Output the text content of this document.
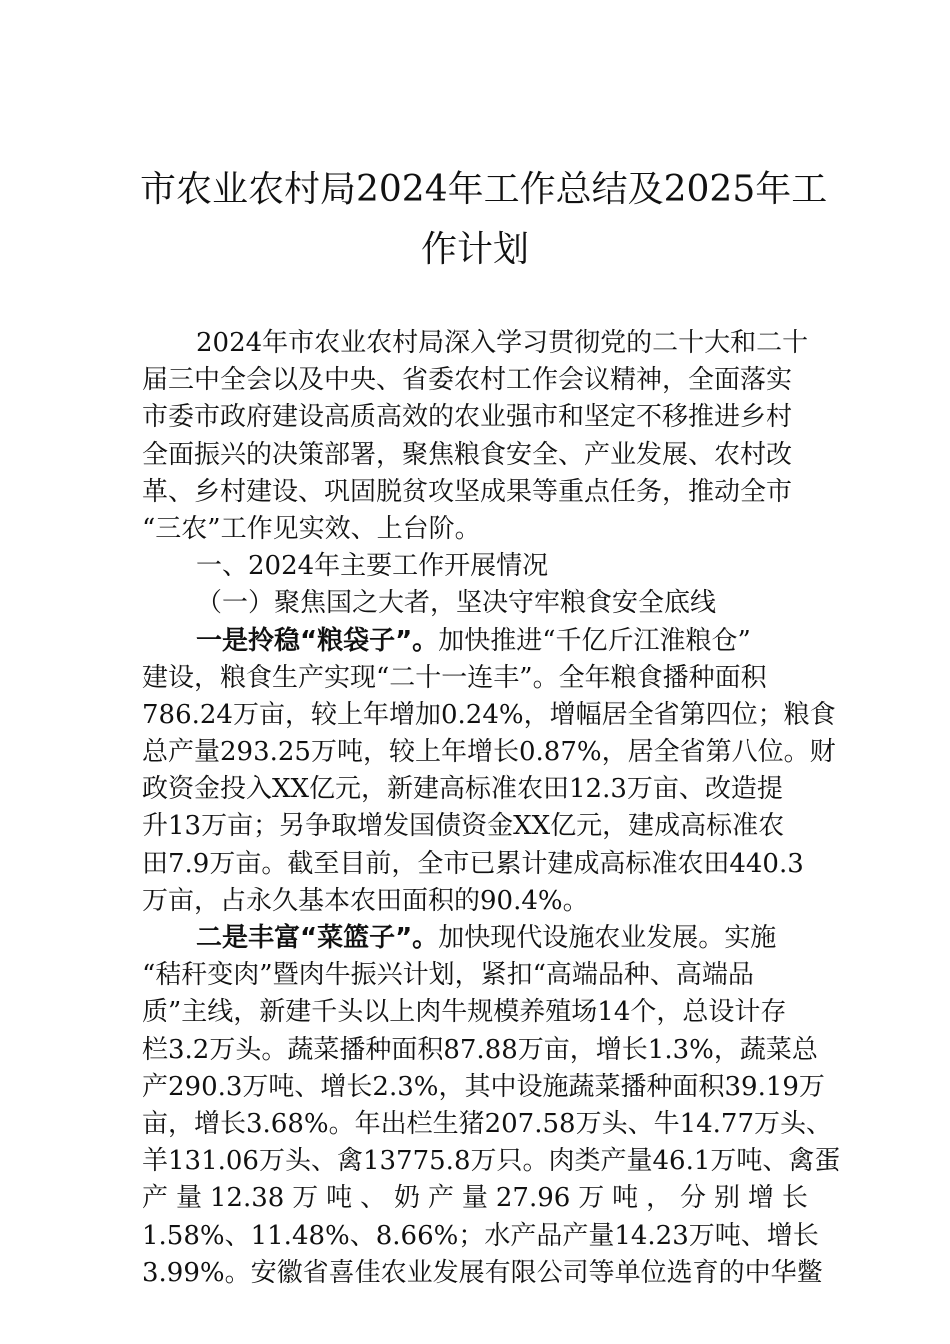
市农业农村局2024年工作总结及2025年工
作计划
2024年市农业农村局深入学习贯彻党的二十大和二十
届三中全会以及中央、省委农村工作会议精神，全面落实
市委市政府建设高质高效的农业强市和坚定不移推进乡村
全面振兴的决策部署，聚焦粮食安全、产业发展、农村改
革、乡村建设、巩固脱贫攻坚成果等重点任务，推动全市
“三农”工作见实效、上台阶。
一、2024年主要工作开展情况
（一）聚焦国之大者，坚决守牢粮食安全底线
一是拎稳“粮袋子”。加快推进“千亿斤江淮粮仓”
建设，粮食生产实现“二十一连丰”。全年粮食播种面积
786.24万亩，较上年增加0.24%，增幅居全省第四位；粮食
总产量293.25万吨，较上年增长0.87%，居全省第八位。财
政资金投入XX亿元，新建高标准农田12.3万亩、改造提
升13万亩；另争取增发国债资金XX亿元，建成高标准农
田7.9万亩。截至目前，全市已累计建成高标准农田440.3
万亩，占永久基本农田面积的90.4%。
二是丰富“菜篮子”。加快现代设施农业发展。实施
“秸秆变肉”暨肉牛振兴计划，紧扣“高端品种、高端品
质”主线，新建千头以上肉牛规模养殖场14个，总设计存
栏3.2万头。蔬菜播种面积87.88万亩，增长1.3%，蔬菜总
产290.3万吨、增长2.3%，其中设施蔬菜播种面积39.19万
亩，增长3.68%。年出栏生猪207.58万头、牛14.77万头、
羊131.06万头、禽13775.8万只。肉类产量46.1万吨、禽蛋
产 量 12.38 万 吨 、 奶 产 量 27.96 万 吨 ， 分 别 增 长
1.58%、11.48%、8.66%；水产品产量14.23万吨、增长
3.99%。安徽省喜佳农业发展有限公司等单位选育的中华鳖
